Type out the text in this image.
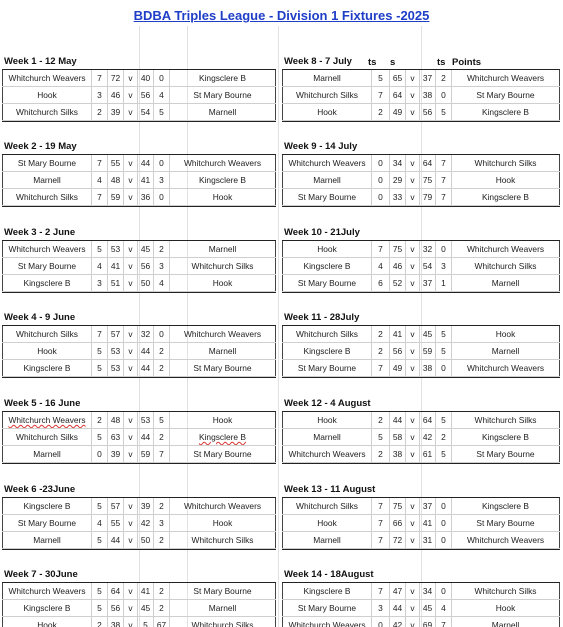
BDBA Triples League - Division 1 Fixtures -2025
Week 1 - 12 May
Whitchurch Weavers	7	72 v 40	0	Kingsclere B
Hook	3	46 v 56	4	St Mary Bourne
Whitchurch Silks	2	39 v 54	5	Marnell
Week 2 - 19 May
St Mary Bourne	7	55 v 44	0	Whitchurch Weavers
Marnell	4	48 v 41	3	Kingsclere B
Whitchurch Silks	7	59 v 36	0	Hook
Week 3 - 2 June
Whitchurch Weavers	5	53 v 45	2	Marnell
St Mary Bourne	4	41 v 56	3	Whitchurch Silks
Kingsclere B	3	51 v 50	4	Hook
Week 4 - 9 June
Whitchurch Silks	7	57 v 32	0	Whitchurch Weavers
Hook	5	53 v 44	2	Marnell
Kingsclere B	5	53 v 44	2	St Mary Bourne
Week 5 - 16 June
Whitchurch Weavers	2	48 v 53	5	Hook
Whitchurch Silks	5	63 v 44	2	Kingsclere B
Marnell	0	39 v 59	7	St Mary Bourne
Week 6 -23June
Kingsclere B	5	57 v 39	2	Whitchurch Weavers
St Mary Bourne	4	55 v 42	3	Hook
Marnell	5	44 v 50	2	Whitchurch Silks
Week 7 - 30June
Whitchurch Weavers	5	64 v 41	2	St Mary Bourne
Kingsclere B	5	56 v 45	2	Marnell
Hook	2	38 v	5	67	Whitchurch Silks
Week 8 - 7 July ts s	ts Points
Marnell	5	65 v 37	2	Whitchurch Weavers
Whitchurch Silks	7	64 v 38	0	St Mary Bourne
Hook	2	49 v 56	5	Kingsclere B
Week 9 - 14 July
Whitchurch Weavers	0	34 v 64	7	Whitchurch Silks
Marnell	0	29 v 75	7	Hook
St Mary Bourne	0	33 v 79	7	Kingsclere B
Week 10 - 21July
Hook	7	75 v 32	0	Whitchurch Weavers
Kingsclere B	4	46 v 54	3	Whitchurch Silks
St Mary Bourne	6	52 v 37	1	Marnell
Week 11 - 28July
Whitchurch Silks	2	41 v 45	5	Hook
Kingsclere B	2	56 v 59	5	Marnell
St Mary Bourne	7	49 v 38	0	Whitchurch Weavers
Week 12 - 4 August
Hook	2	44 v 64	5	Whitchurch Silks
Marnell	5	58 v 42	2	Kingsclere B
Whitchurch Weavers	2	38 v 61	5	St Mary Bourne
Week 13 - 11 August
Whitchurch Silks	7	75 v 37	0	Kingsclere B
Hook	7	66 v 41	0	St Mary Bourne
Marnell	7	72 v 31	0	Whitchurch Weavers
Week 14 - 18August
Kingsclere B	7	47 v 34	0	Whitchurch Silks
St Mary Bourne	3	44 v 45	4	Hook
Whitchurch Weavers	0	42 v 69	7	Marnell
